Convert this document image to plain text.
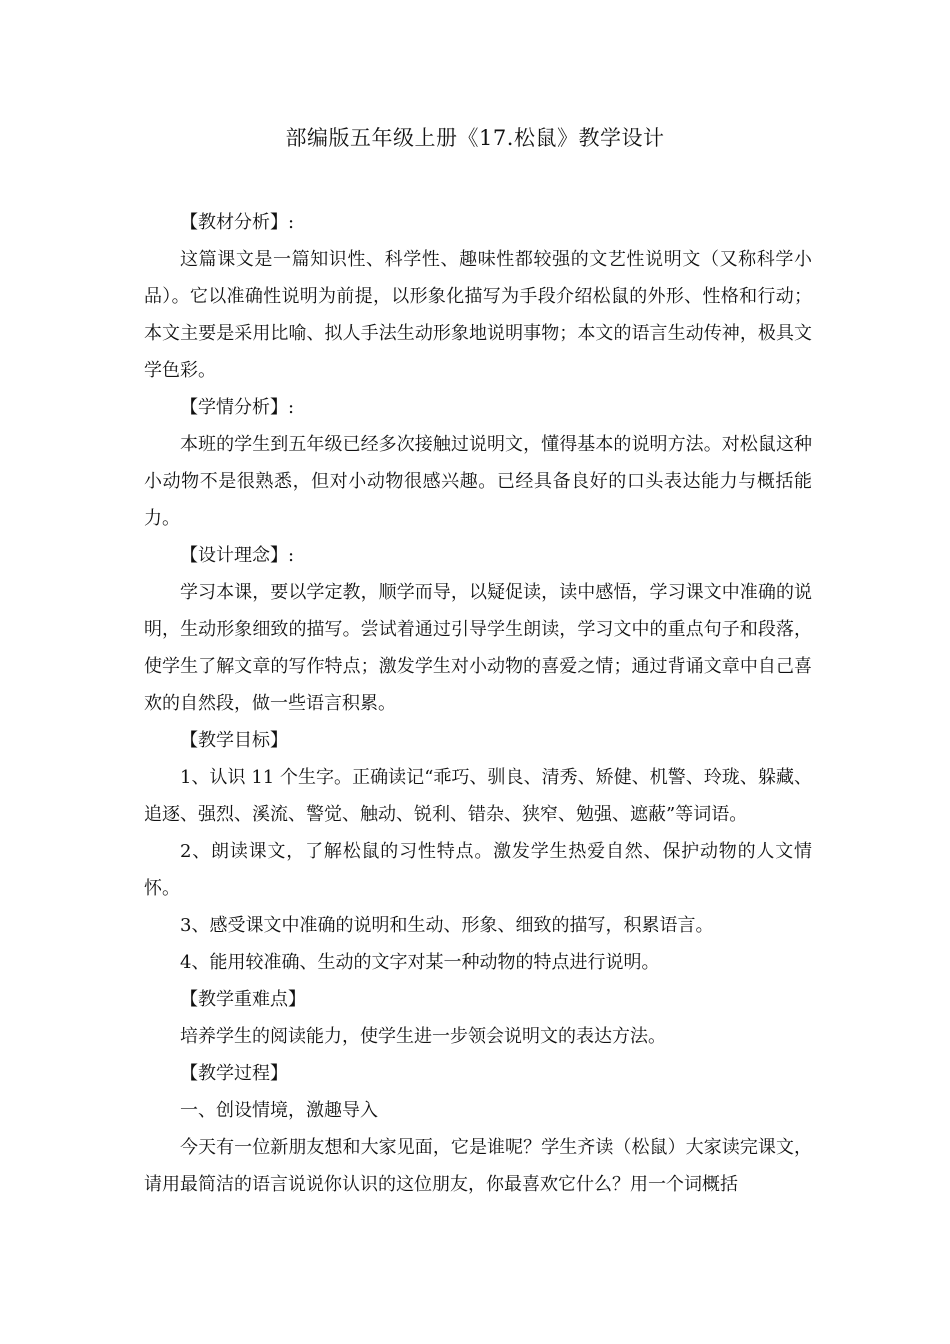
部编版五年级上册《17.松鼠》教学设计

【教材分析】:

这篇课文是一篇知识性、科学性、趣味性都较强的文艺性说明文（又称科学小品）。它以准确性说明为前提，以形象化描写为手段介绍松鼠的外形、性格和行动；本文主要是采用比喻、拟人手法生动形象地说明事物；本文的语言生动传神，极具文学色彩。

【学情分析】:

本班的学生到五年级已经多次接触过说明文，懂得基本的说明方法。对松鼠这种小动物不是很熟悉，但对小动物很感兴趣。已经具备良好的口头表达能力与概括能力。

【设计理念】:

学习本课，要以学定教，顺学而导，以疑促读，读中感悟，学习课文中准确的说明，生动形象细致的描写。尝试着通过引导学生朗读，学习文中的重点句子和段落，使学生了解文章的写作特点；激发学生对小动物的喜爱之情；通过背诵文章中自己喜欢的自然段，做一些语言积累。

【教学目标】

1、认识 11 个生字。正确读记“乖巧、驯良、清秀、矫健、机警、玲珑、躲藏、追逐、强烈、溪流、警觉、触动、锐利、错杂、狭窄、勉强、遮蔽”等词语。

2、朗读课文，了解松鼠的习性特点。激发学生热爱自然、保护动物的人文情怀。

3、感受课文中准确的说明和生动、形象、细致的描写，积累语言。

4、能用较准确、生动的文字对某一种动物的特点进行说明。

【教学重难点】

培养学生的阅读能力，使学生进一步领会说明文的表达方法。

【教学过程】

一、创设情境，激趣导入

今天有一位新朋友想和大家见面，它是谁呢？学生齐读（松鼠）大家读完课文，请用最简洁的语言说说你认识的这位朋友，你最喜欢它什么？用一个词概括
